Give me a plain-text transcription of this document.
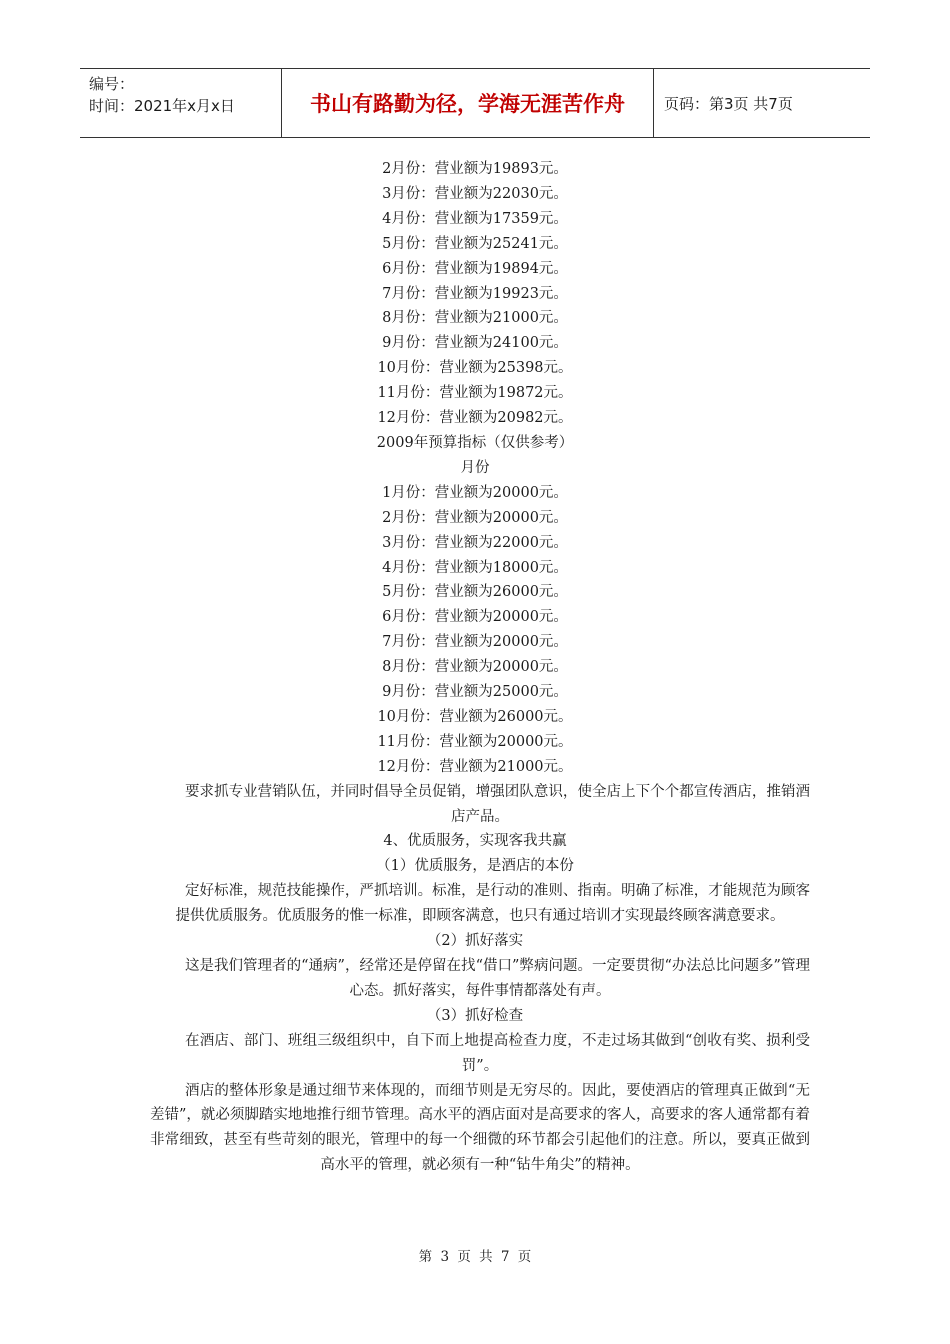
编号：
时间：2021年x月x日	书山有路勤为径，学海无涯苦作舟	页码：第3页 共7页
2月份：营业额为19893元。
3月份：营业额为22030元。
4月份：营业额为17359元。
5月份：营业额为25241元。
6月份：营业额为19894元。
7月份：营业额为19923元。
8月份：营业额为21000元。
9月份：营业额为24100元。
10月份：营业额为25398元。
11月份：营业额为19872元。
12月份：营业额为20982元。
2009年预算指标（仅供参考）
月份
1月份：营业额为20000元。
2月份：营业额为20000元。
3月份：营业额为22000元。
4月份：营业额为18000元。
5月份：营业额为26000元。
6月份：营业额为20000元。
7月份：营业额为20000元。
8月份：营业额为20000元。
9月份：营业额为25000元。
10月份：营业额为26000元。
11月份：营业额为20000元。
12月份：营业额为21000元。

要求抓专业营销队伍，并同时倡导全员促销，增强团队意识，使全店上下个个都宣传酒店，推销酒店产品。

4、优质服务，实现客我共赢
（1）优质服务，是酒店的本份

定好标准，规范技能操作，严抓培训。标准，是行动的准则、指南。明确了标准，才能规范为顾客提供优质服务。优质服务的惟一标准，即顾客满意，也只有通过培训才实现最终顾客满意要求。

（2）抓好落实

这是我们管理者的“通病”，经常还是停留在找“借口”弊病问题。一定要贯彻“办法总比问题多”管理心态。抓好落实，每件事情都落处有声。

（3）抓好检查

在酒店、部门、班组三级组织中，自下而上地提高检查力度，不走过场其做到“创收有奖、损利受罚”。

酒店的整体形象是通过细节来体现的，而细节则是无穷尽的。因此，要使酒店的管理真正做到“无差错”，就必须脚踏实地地推行细节管理。高水平的酒店面对是高要求的客人，高要求的客人通常都有着非常细致，甚至有些苛刻的眼光，管理中的每一个细微的环节都会引起他们的注意。所以，要真正做到高水平的管理，就必须有一种“钻牛角尖”的精神。

第 3 页 共 7 页
